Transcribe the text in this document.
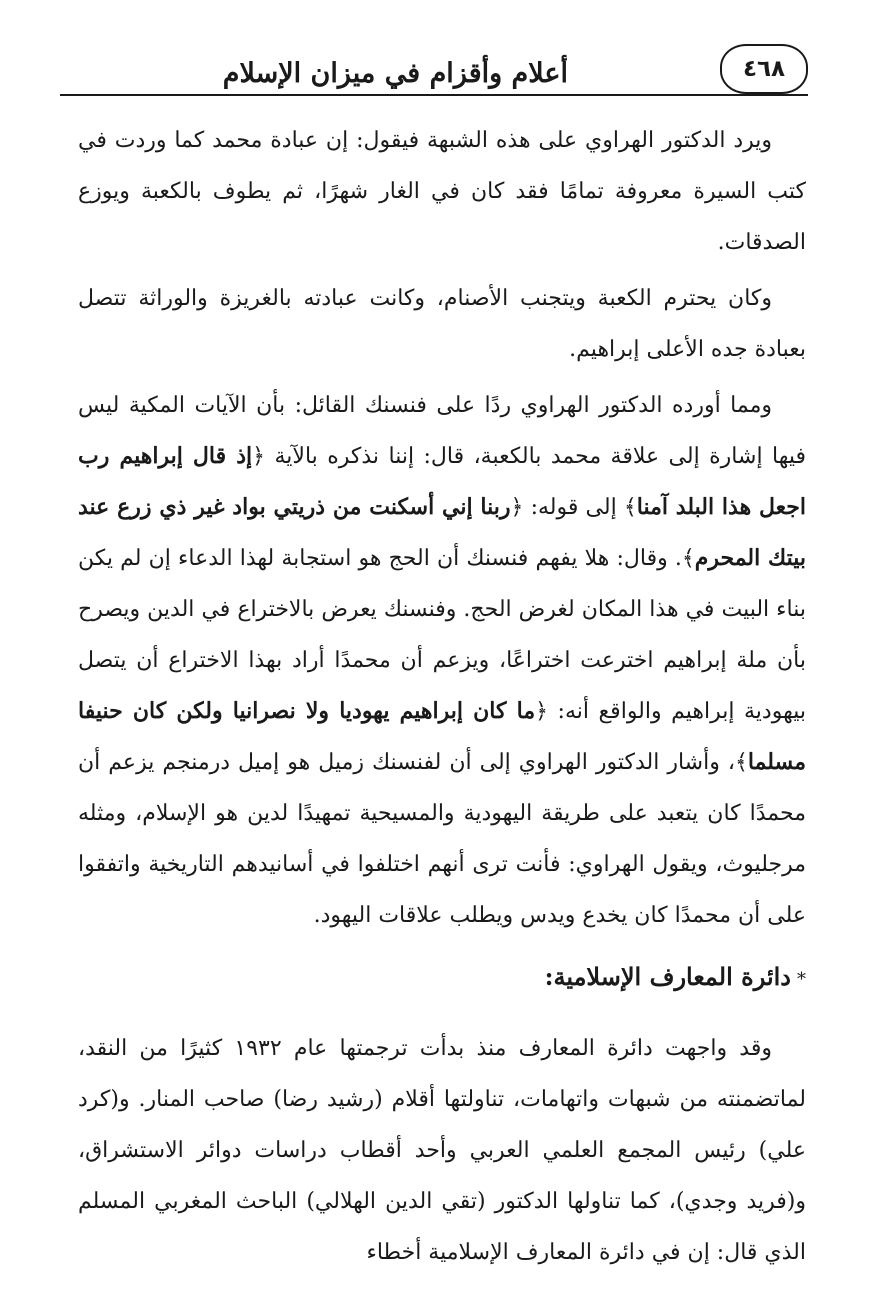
أعلام وأقزام في ميزان الإسلام	٤٦٨

ويرد الدكتور الهراوي على هذه الشبهة فيقول: إن عبادة محمد كما وردت في كتب السيرة معروفة تمامًا فقد كان في الغار شهرًا، ثم يطوف بالكعبة ويوزع الصدقات.

وكان يحترم الكعبة ويتجنب الأصنام، وكانت عبادته بالغريزة والوراثة تتصل بعبادة جده الأعلى إبراهيم.

ومما أورده الدكتور الهراوي ردًا على فنسنك القائل: بأن الآيات المكية ليس فيها إشارة إلى علاقة محمد بالكعبة، قال: إننا نذكره بالآية ﴿إذ قال إبراهيم رب اجعل هذا البلد آمنا﴾ إلى قوله: ﴿ربنا إني أسكنت من ذريتي بواد غير ذي زرع عند بيتك المحرم﴾. وقال: هلا يفهم فنسنك أن الحج هو استجابة لهذا الدعاء إن لم يكن بناء البيت في هذا المكان لغرض الحج. وفنسنك يعرض بالاختراع في الدين ويصرح بأن ملة إبراهيم اخترعت اختراعًا، ويزعم أن محمدًا أراد بهذا الاختراع أن يتصل بيهودية إبراهيم والواقع أنه: ﴿ما كان إبراهيم يهوديا ولا نصرانيا ولكن كان حنيفا مسلما﴾، وأشار الدكتور الهراوي إلى أن لفنسنك زميل هو إميل درمنجم يزعم أن محمدًا كان يتعبد على طريقة اليهودية والمسيحية تمهيدًا لدين هو الإسلام، ومثله مرجليوث، ويقول الهراوي: فأنت ترى أنهم اختلفوا في أسانيدهم التاريخية واتفقوا على أن محمدًا كان يخدع ويدس ويطلب علاقات اليهود.

*دائرة المعارف الإسلامية:

وقد واجهت دائرة المعارف منذ بدأت ترجمتها عام ١٩٣٢ كثيرًا من النقد، لماتضمنته من شبهات واتهامات، تناولتها أقلام (رشيد رضا) صاحب المنار. و(كرد علي) رئيس المجمع العلمي العربي وأحد أقطاب دراسات دوائر الاستشراق، و(فريد وجدي)، كما تناولها الدكتور (تقي الدين الهلالي) الباحث المغربي المسلم الذي قال: إن في دائرة المعارف الإسلامية أخطاء
